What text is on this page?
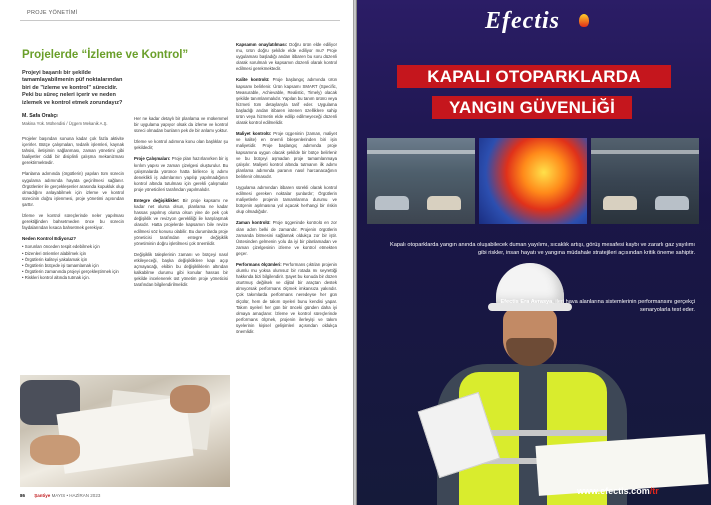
PROJE YÖNETİMİ
Projelerde “İzleme ve Kontrol”
Projeyi başarılı bir şekilde tamamlayabilmenin püf noktalarından biri de "izleme ve kontrol" sürecidir. Peki bu süreç neleri içerir ve neden izlemek ve kontrol etmek zorundayız?
M. Safa Oralıçı
Makina Yük. Mühendisi / Üçgem Mekanik A.Ş.

Projeler başından sonuna kadar çok fazla aktivite içerirler. Bütçe çalışmaları, tedarik işlemleri, kaynak tahsisi, iletişimin sağlanması, zaman yönetimi gibi faaliyetler ciddi bir disiplinli çalışma mekanizması gerektirmektedir.

Planlama adımında (örgütlerin) yapılan tüm sürecin uygulama adımında hayata geçirilmesi sağlanır. Örgütlenler ile gerçekleşenler arasında kopukluk olup olmadığını anlayabilmek için izleme ve kontrol sürecinin doğru işlenmesi, proje yönetimi açısından şarttır.

İzleme ve kontrol süreçlerinde neler yapılması gerektiğinden bahsetmeden önce bu sürecin faydalarından kısaca bahsetmek gerekiyor.

Neden Kontrol Ediyoruz?
• Sorunları önceden tespit edebilmek için
• Dizenleri önlemler alabilmek için
• Örgütlerin kaliteyi yakalamak için
• Örgütlerin bütçede işi tamamlamak için
• Örgütlerin zamanında projeyi gerçekleştirmek için
• Riskleri kontrol altında tutmak için.

Her ne kadar detaylı bir planlama ve mükemmel bir uygulama yapıyor olsak da izleme ve kontrol süreci olmadan bunların pek de bir anlamı yoktur.

İzleme ve kontrol adımına konu olan başlıklar şu şekildedir;

Proje Çalışmaları: Proje plan hazırlanırken bir iş kırılım yapısı ve zaman çizelgesi oluşturulur. Bu çalışmalarda yürünce hatta birilerce iş adımı deneklikli iş adımlarının yapılıp yapılmadığının kontrol altında tutulması için gerekli çalışmalar proje yöneticileri tarafından yapılmalıdır.

Entegre değişiklikler: Bir proje kapsamı ne kadar net olursa olsun, planlama ne kadar hassas yapılmış olursa olsun yine de pek çok değişiklik ve revizyon gerekliliği ile karşılaşmak olasıdır. Hatta projelerde kapsamın bile revize edilmesi söz konusu olabilir. Bu durumlarda proje yöneticisi tarafından entegre değişiklik yönetiminin doğru işletilmesi çok önemlidir.

Değişiklik taleplerinin zamanı ve bütçeyi nasıl etkileyeceği, başka değişikliklere kapı açıp açmayacağı, ekibin bu değişikliklerin altından kalkabilme durumu gibi konular hassas bir şekilde incelenerek üst yönetim proje yöneticisi tarafından bilgilendirilmelidir.

Kapsamın onaylatılması: Doğru ürün elde ediliyor mu, ürün doğru şekilde elde ediliyor mu? Proje uygulaması başladığı andan itibaren bu soru düzenli olarak sorulmalı ve kapsamın düzenli olarak kontrol edilmesi gerekmektedir.

Kalite kontrolü: Proje başlangıç adımında ürün kapsamı belirlenir. Ürün kapsamı SMART (Specific, Measurable, Achievable, Realistic, Timely) olacak şekilde tanımlanmalıdır. Yapılan bu tanım ürünü veya hizmeti tüm detaylarıyla tarif eder. Uygulama başladığı andan itibaren istenen özelliklere sahip ürün veya hizmetin elde edilip edilmeyeceği düzenli olarak kontrol edilmelidir.

Maliyet kontrolü: Proje üçgeninin (zaman, maliyet ve kalite) en önemli bileşenlerinden biri işin maliyetidir. Proje başlangıç adımında proje kapsamına uygun olacak şekilde bir bütçe belirlenir ve bu bütçeyi aşmadan proje tamamlanmaya çalışılır. Maliyeti kontrol altında tutmanın ilk adımı planlama adımında paranın nasıl harcanacağının belirlenir olmasıdır.

Uygulama adımından itibaren sürekli olarak kontrol edilmesi gereken noktalar şunlardır; Örgütlerin maliyetlerle projenin tamamlanma durumu ve bütçenin aşılmasına yol açacak herhangi bir riskin olup olmadığıdır.

Zaman kontrolü: Proje üçgeninde kontrolü en zor olan adım belki de zamandır. Projenin örgütlerin zamanda bitmesini sağlamak oldukça zor bir iştir. Üstesinden gelmenin yolu da iyi bir planlamadan ve zaman çizelgesinin izleme ve kontrol etmekten geçer.

Performans ölçümleri: Performans çıktıları projenin olumlu mu yoksa olumsuz bir rotada mı seyrettiği hakkında bizi bilgilendirir. Şayet bu konuda bir düzen oturtmuş değilsek ve dijital bir araçtan destek almıyorsak performans ölçmek imkansıza yakındır. Çok takımlarda performans neredeyse her gün ölçülür, hem de takım üyeleri bunu kendisi yapar. Takım üyeleri her gün bir önceki günden daha iyi olmaya amaçlanır. İzleme ve kontrol süreçlerinde performans ölçmek, projenin ilerleyişi ve takım üyelerinin kişisel gelişimleri açısından oldukça önemlidir.

86 Şantiye MAYIS • HAZİRAN 2023
Efectis
KAPALI OTOPARKLARDA
YANGIN GÜVENLİĞİ
Kapalı otoparklarda yangın anında oluşabilecek duman yayılımı, sıcaklık artışı, görüş mesafesi kaybı ve zararlı gaz yayılımı gibi riskler, insan hayatı ve yangına müdahale stratejileri açısından kritik öneme sahiptir.
Efectis Era Avrasya, ileri hava alanlarına sistemlerinin performansını gerçekçi senaryolarla test eder.
www.efectis.com/tr
